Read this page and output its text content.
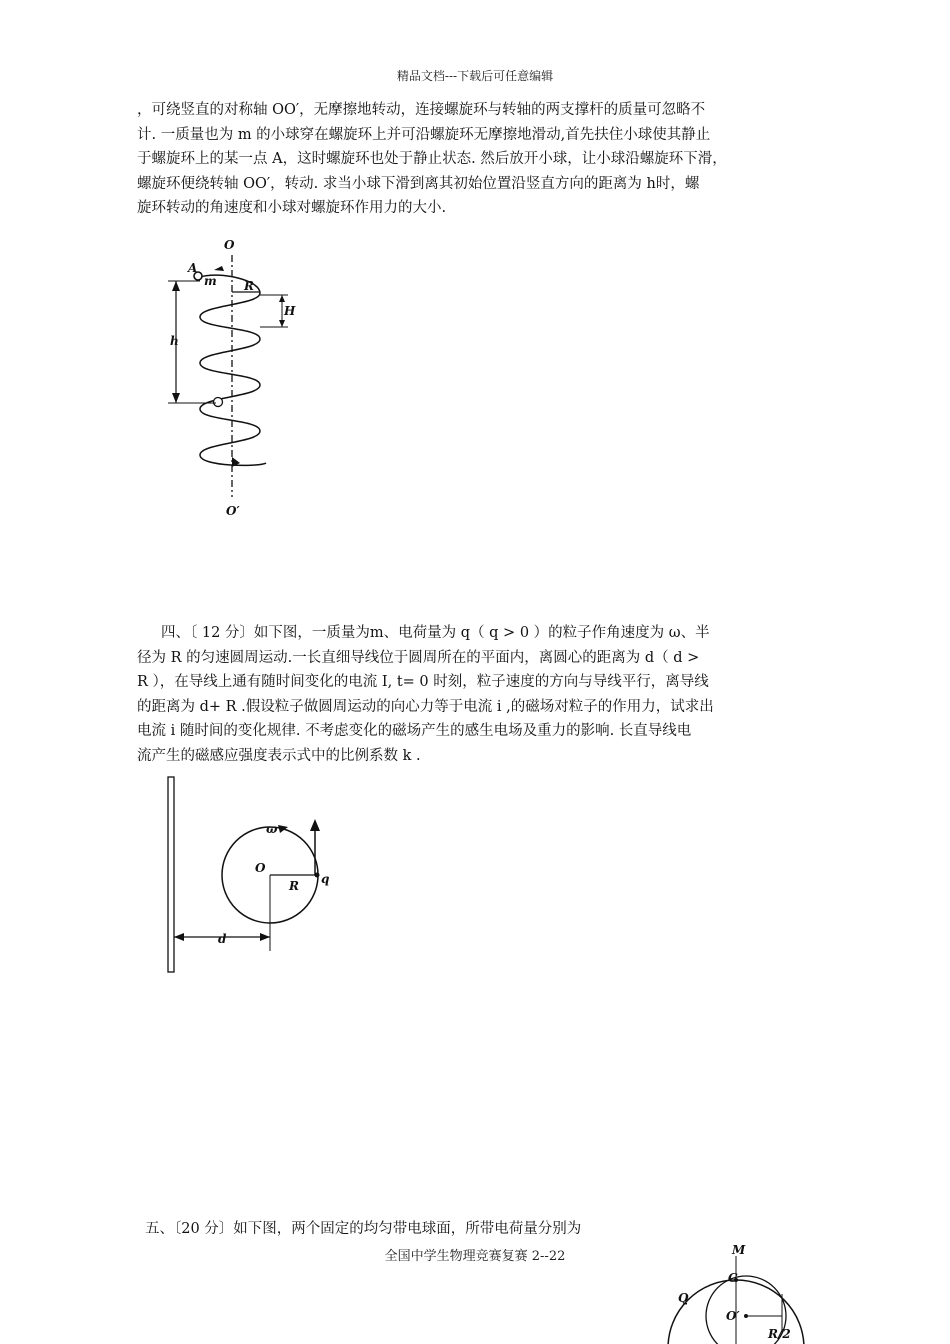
精品文档---下载后可任意编辑
，可绕竖直的对称轴 OO′，无摩擦地转动，连接螺旋环与转轴的两支撑杆的质量可忽略不
计. 一质量也为 m 的小球穿在螺旋环上并可沿螺旋环无摩擦地滑动,首先扶住小球使其静止
于螺旋环上的某一点 A，这时螺旋环也处于静止状态. 然后放开小球，让小球沿螺旋环下滑，
螺旋环便绕转轴 OO′，转动. 求当小球下滑到离其初始位置沿竖直方向的距离为 h时，螺
旋环转动的角速度和小球对螺旋环作用力的大小.
O
O′
A
m R
H
h
四、〔 12 分〕如下图，一质量为m、电荷量为 q（ q > 0 ）的粒子作角速度为 ω、半
径为 R 的匀速圆周运动.一长直细导线位于圆周所在的平面内，离圆心的距离为 d（ d >
R ），在导线上通有随时间变化的电流 I, t= 0 时刻，粒子速度的方向与导线平行，离导线
的距离为 d+ R .假设粒子做圆周运动的向心力等于电流 i ,的磁场对粒子的作用力，试求出
电流 i 随时间的变化规律. 不考虑变化的磁场产生的感生电场及重力的影响. 长直导线电
流产生的磁感应强度表示式中的比例系数 k .
ω
O
R q
d
五、〔20 分〕如下图，两个固定的均匀带电球面，所带电荷量分别为
全国中学生物理竞赛复赛 2--22	M
C
Q
O′
R/2
